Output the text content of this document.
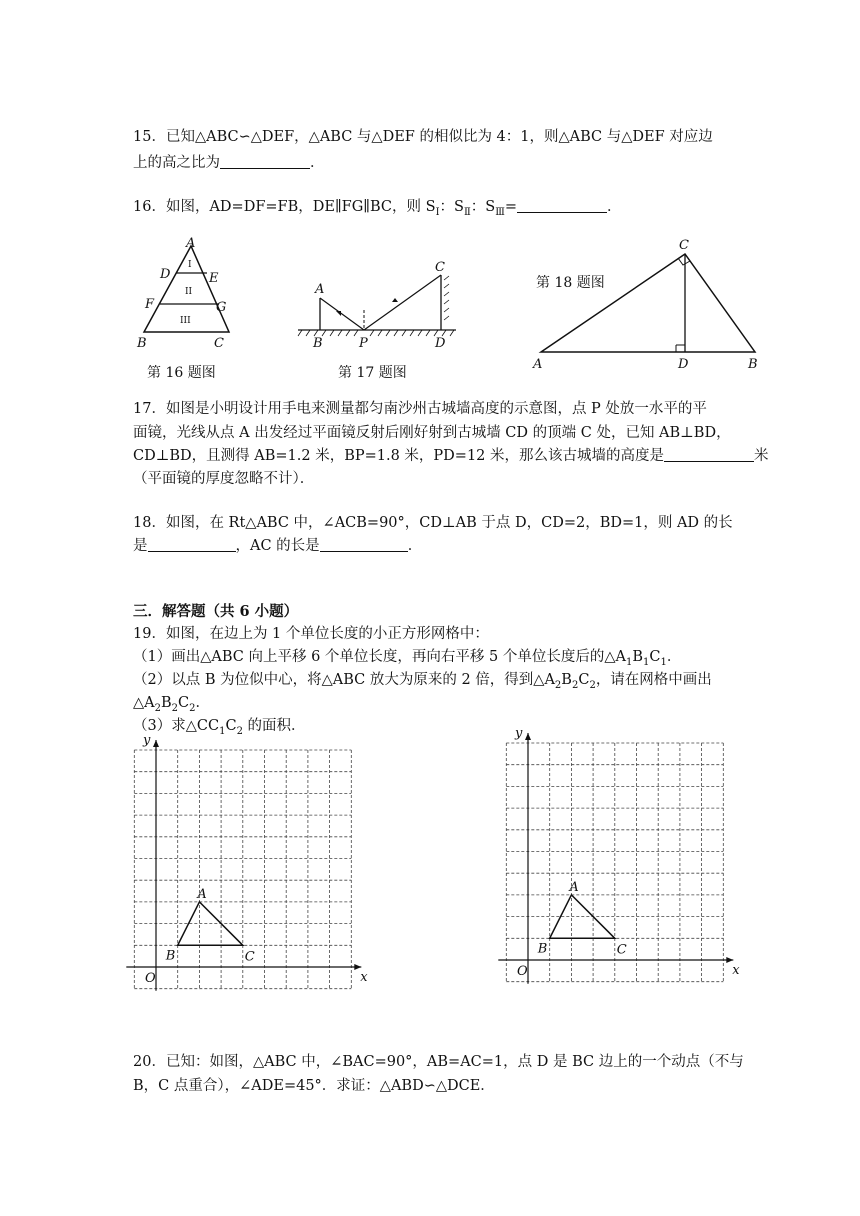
15．已知△ABC∽△DEF，△ABC 与△DEF 的相似比为 4：1，则△ABC 与△DEF 对应边
上的高之比为	．
16．如图，AD=DF=FB，DE∥FG∥BC，则 $S_Ⅰ$：$S_Ⅱ$：$S_Ⅲ=$	．
A
D	E
F	G
B	C
I
II
III
A
B	P
C
D
C
A	D	B
第 18 题图
第 16 题图	第 17 题图
17．如图是小明设计用手电来测量都匀南沙州古城墙高度的示意图，点 P 处放一水平的平
面镜，光线从点 A 出发经过平面镜反射后刚好射到古城墙 CD 的顶端 C 处，已知 AB⊥BD，
CD⊥BD，且测得 AB=1.2 米，BP=1.8 米，PD=12 米，那么该古城墙的高度是	米
（平面镜的厚度忽略不计）．
18．如图，在 Rt△ABC 中，∠ACB=90°，CD⊥AB 于点 D，CD=2，BD=1，则 AD 的长
是	，AC 的长是	．
三．解答题（共 6 小题）
19．如图，在边上为 1 个单位长度的小正方形网格中：
（1）画出△ABC 向上平移 6 个单位长度，再向右平移 5 个单位长度后的$\triangle A_1B_1C_1$．
（2）以点 B 为位似中心，将△ABC 放大为原来的 2 倍，得到$\triangle A_2B_2C_2$，请在网格中画出
$\triangle A_2B_2C_2$．
（3）求$\triangle CC_1C_2$ 的面积．
A
B	C
O	x
y
A
B	C
O	x
y
20．已知：如图，△ABC 中，∠BAC=90°，AB=AC=1，点 D 是 BC 边上的一个动点（不与
B，C 点重合），∠ADE=45°．求证：△ABD∽△DCE．
